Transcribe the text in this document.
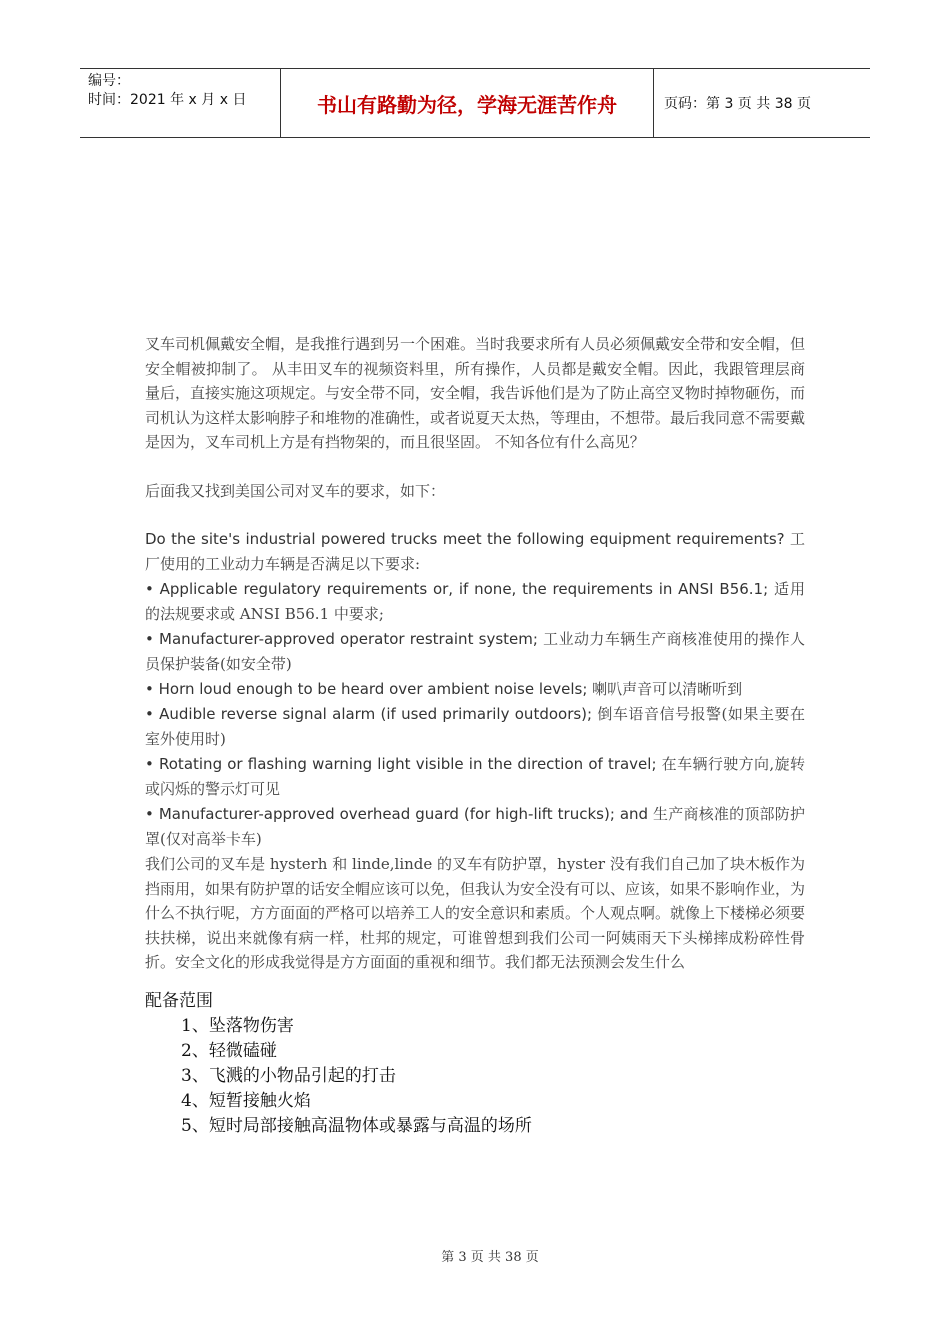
编号：
时间：2021 年 x 月 x 日	书山有路勤为径，学海无涯苦作舟	页码：第 3 页 共 38 页

叉车司机佩戴安全帽，是我推行遇到另一个困难。当时我要求所有人员必须佩戴安全带和安全帽，但安全帽被抑制了。 从丰田叉车的视频资料里，所有操作，人员都是戴安全帽。因此，我跟管理层商量后，直接实施这项规定。与安全带不同，安全帽，我告诉他们是为了防止高空叉物时掉物砸伤，而司机认为这样太影响脖子和堆物的准确性，或者说夏天太热，等理由，不想带。最后我同意不需要戴是因为，叉车司机上方是有挡物架的，而且很坚固。 不知各位有什么高见？

后面我又找到美国公司对叉车的要求，如下：

Do the site's industrial powered trucks meet the following equipment requirements? 工厂使用的工业动力车辆是否满足以下要求:

• Applicable regulatory requirements or, if none, the requirements in ANSI B56.1; 适用的法规要求或 ANSI B56.1 中要求;

• Manufacturer-approved operator restraint system; 工业动力车辆生产商核准使用的操作人员保护装备(如安全带)

• Horn loud enough to be heard over ambient noise levels; 喇叭声音可以清晰听到

• Audible reverse signal alarm (if used primarily outdoors); 倒车语音信号报警(如果主要在室外使用时)

• Rotating or flashing warning light visible in the direction of travel; 在车辆行驶方向,旋转或闪烁的警示灯可见

• Manufacturer-approved overhead guard (for high-lift trucks); and 生产商核准的顶部防护罩(仅对高举卡车)

我们公司的叉车是 hysterh 和 linde,linde 的叉车有防护罩，hyster 没有我们自己加了块木板作为挡雨用，如果有防护罩的话安全帽应该可以免，但我认为安全没有可以、应该，如果不影响作业，为什么不执行呢，方方面面的严格可以培养工人的安全意识和素质。个人观点啊。就像上下楼梯必须要扶扶梯，说出来就像有病一样，杜邦的规定，可谁曾想到我们公司一阿姨雨天下头梯摔成粉碎性骨折。安全文化的形成我觉得是方方面面的重视和细节。我们都无法预测会发生什么

配备范围

1、坠落物伤害
2、轻微磕碰
3、飞溅的小物品引起的打击
4、短暂接触火焰
5、短时局部接触高温物体或暴露与高温的场所
第 3 页 共 38 页
